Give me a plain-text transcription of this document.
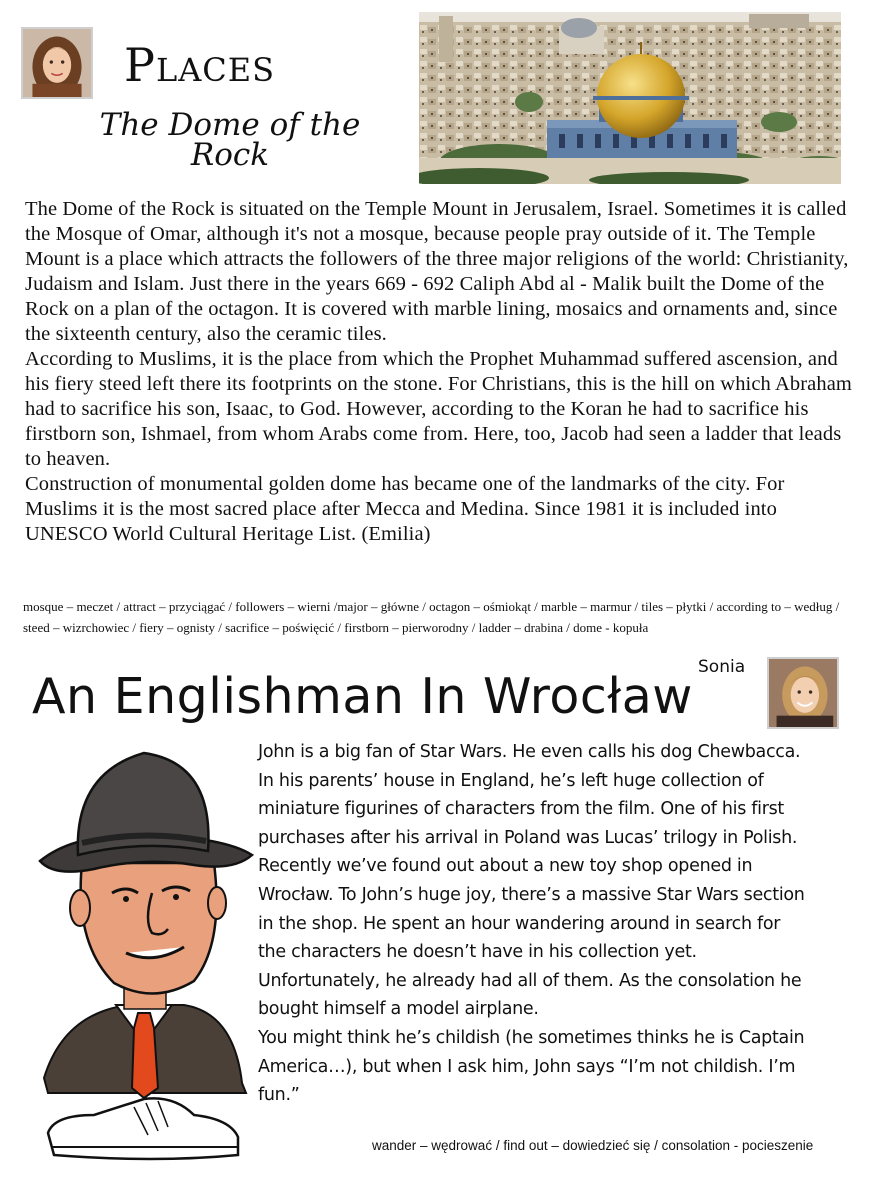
Places
The Dome of the
Rock

The Dome of the Rock is situated on the Temple Mount in Jerusalem, Israel. Sometimes it is called the Mosque of Omar, although it's not a mosque, because people pray outside of it. The Temple Mount is a place which attracts the followers of the three major religions of the world: Christianity, Judaism and Islam. Just there in the years 669 - 692 Caliph Abd al - Malik built the Dome of the Rock on a plan of the octagon. It is covered with marble lining, mosaics and ornaments and, since the sixteenth century, also the ceramic tiles.

According to Muslims, it is the place from which the Prophet Muhammad suffered ascension, and his fiery steed left there its footprints on the stone. For Christians, this is the hill on which Abraham had to sacrifice his son, Isaac, to God. However, according to the Koran he had to sacrifice his firstborn son, Ishmael, from whom Arabs come from. Here, too, Jacob had seen a ladder that leads to heaven.

Construction of monumental golden dome has became one of the landmarks of the city. For Muslims it is the most sacred place after Mecca and Medina. Since 1981 it is included into UNESCO World Cultural Heritage List. (Emilia)

mosque – meczet / attract – przyciągać / followers – wierni /major – główne / octagon – ośmiokąt / marble – marmur / tiles – płytki / according to – według / steed – wizrchowiec / fiery – ognisty / sacrifice – poświęcić / firstborn – pierworodny / ladder – drabina / dome - kopuła
An Englishman In Wrocław
Sonia

John is a big fan of Star Wars. He even calls his dog Chewbacca. In his parents’ house in England, he’s left huge collection of miniature figurines of characters from the film. One of his first purchases after his arrival in Poland was Lucas’ trilogy in Polish.

Recently we’ve found out about a new toy shop opened in Wrocław. To John’s huge joy, there’s a massive Star Wars section in the shop. He spent an hour wandering around in search for the characters he doesn’t have in his collection yet. Unfortunately, he already had all of them. As the consolation he bought himself a model airplane.

You might think he’s childish (he sometimes thinks he is Captain America…), but when I ask him, John says “I’m not childish. I’m fun.”

wander – wędrować / find out – dowiedzieć się / consolation - pocieszenie
